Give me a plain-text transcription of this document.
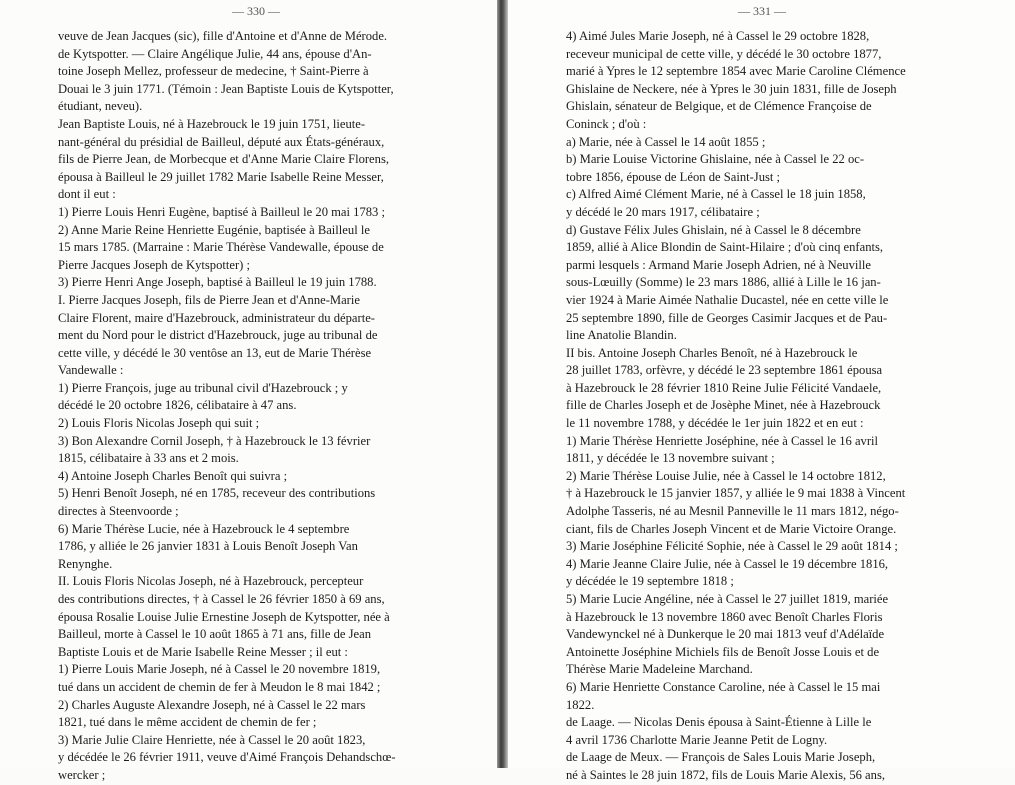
— 330 —
veuve de Jean Jacques (sic), fille d'Antoine et d'Anne de Mérode.
de Kytspotter. — Claire Angélique Julie, 44 ans, épouse d'An-
toine Joseph Mellez, professeur de medecine, † Saint-Pierre à
Douai le 3 juin 1771. (Témoin : Jean Baptiste Louis de Kytspotter,
étudiant, neveu).
Jean Baptiste Louis, né à Hazebrouck le 19 juin 1751, lieute-
nant-général du présidial de Bailleul, député aux États-généraux,
fils de Pierre Jean, de Morbecque et d'Anne Marie Claire Florens,
épousa à Bailleul le 29 juillet 1782 Marie Isabelle Reine Messer,
dont il eut :
1) Pierre Louis Henri Eugène, baptisé à Bailleul le 20 mai 1783 ;
2) Anne Marie Reine Henriette Eugénie, baptisée à Bailleul le
15 mars 1785. (Marraine : Marie Thérèse Vandewalle, épouse de
Pierre Jacques Joseph de Kytspotter) ;
3) Pierre Henri Ange Joseph, baptisé à Bailleul le 19 juin 1788.
I. Pierre Jacques Joseph, fils de Pierre Jean et d'Anne-Marie
Claire Florent, maire d'Hazebrouck, administrateur du départe-
ment du Nord pour le district d'Hazebrouck, juge au tribunal de
cette ville, y décédé le 30 ventôse an 13, eut de Marie Thérèse
Vandewalle :
1) Pierre François, juge au tribunal civil d'Hazebrouck ; y
décédé le 20 octobre 1826, célibataire à 47 ans.
2) Louis Floris Nicolas Joseph qui suit ;
3) Bon Alexandre Cornil Joseph, † à Hazebrouck le 13 février
1815, célibataire à 33 ans et 2 mois.
4) Antoine Joseph Charles Benoît qui suivra ;
5) Henri Benoît Joseph, né en 1785, receveur des contributions
directes à Steenvoorde ;
6) Marie Thérèse Lucie, née à Hazebrouck le 4 septembre
1786, y alliée le 26 janvier 1831 à Louis Benoît Joseph Van
Renynghe.
II. Louis Floris Nicolas Joseph, né à Hazebrouck, percepteur
des contributions directes, † à Cassel le 26 février 1850 à 69 ans,
épousa Rosalie Louise Julie Ernestine Joseph de Kytspotter, née à
Bailleul, morte à Cassel le 10 août 1865 à 71 ans, fille de Jean
Baptiste Louis et de Marie Isabelle Reine Messer ; il eut :
1) Pierre Louis Marie Joseph, né à Cassel le 20 novembre 1819,
tué dans un accident de chemin de fer à Meudon le 8 mai 1842 ;
2) Charles Auguste Alexandre Joseph, né à Cassel le 22 mars
1821, tué dans le même accident de chemin de fer ;
3) Marie Julie Claire Henriette, née à Cassel le 20 août 1823,
y décédée le 26 février 1911, veuve d'Aimé François Dehandschœ-
wercker ;
— 331 —
4) Aimé Jules Marie Joseph, né à Cassel le 29 octobre 1828,
receveur municipal de cette ville, y décédé le 30 octobre 1877,
marié à Ypres le 12 septembre 1854 avec Marie Caroline Clémence
Ghislaine de Neckere, née à Ypres le 30 juin 1831, fille de Joseph
Ghislain, sénateur de Belgique, et de Clémence Françoise de
Coninck ; d'où :
a) Marie, née à Cassel le 14 août 1855 ;
b) Marie Louise Victorine Ghislaine, née à Cassel le 22 oc-
tobre 1856, épouse de Léon de Saint-Just ;
c) Alfred Aimé Clément Marie, né à Cassel le 18 juin 1858,
y décédé le 20 mars 1917, célibataire ;
d) Gustave Félix Jules Ghislain, né à Cassel le 8 décembre
1859, allié à Alice Blondin de Saint-Hilaire ; d'où cinq enfants,
parmi lesquels : Armand Marie Joseph Adrien, né à Neuville
sous-Lœuilly (Somme) le 23 mars 1886, allié à Lille le 16 jan-
vier 1924 à Marie Aimée Nathalie Ducastel, née en cette ville le
25 septembre 1890, fille de Georges Casimir Jacques et de Pau-
line Anatolie Blandin.
II bis. Antoine Joseph Charles Benoît, né à Hazebrouck le
28 juillet 1783, orfèvre, y décédé le 23 septembre 1861 épousa
à Hazebrouck le 28 février 1810 Reine Julie Félicité Vandaele,
fille de Charles Joseph et de Josèphe Minet, née à Hazebrouck
le 11 novembre 1788, y décédée le 1er juin 1822 et en eut :
1) Marie Thérèse Henriette Joséphine, née à Cassel le 16 avril
1811, y décédée le 13 novembre suivant ;
2) Marie Thérèse Louise Julie, née à Cassel le 14 octobre 1812,
† à Hazebrouck le 15 janvier 1857, y alliée le 9 mai 1838 à Vincent
Adolphe Tasseris, né au Mesnil Panneville le 11 mars 1812, négo-
ciant, fils de Charles Joseph Vincent et de Marie Victoire Orange.
3) Marie Joséphine Félicité Sophie, née à Cassel le 29 août 1814 ;
4) Marie Jeanne Claire Julie, née à Cassel le 19 décembre 1816,
y décédée le 19 septembre 1818 ;
5) Marie Lucie Angéline, née à Cassel le 27 juillet 1819, mariée
à Hazebrouck le 13 novembre 1860 avec Benoît Charles Floris
Vandewynckel né à Dunkerque le 20 mai 1813 veuf d'Adélaïde
Antoinette Joséphine Michiels fils de Benoît Josse Louis et de
Thérèse Marie Madeleine Marchand.
6) Marie Henriette Constance Caroline, née à Cassel le 15 mai
1822.
de Laage. — Nicolas Denis épousa à Saint-Étienne à Lille le
4 avril 1736 Charlotte Marie Jeanne Petit de Logny.
de Laage de Meux. — François de Sales Louis Marie Joseph,
né à Saintes le 28 juin 1872, fils de Louis Marie Alexis, 56 ans,
